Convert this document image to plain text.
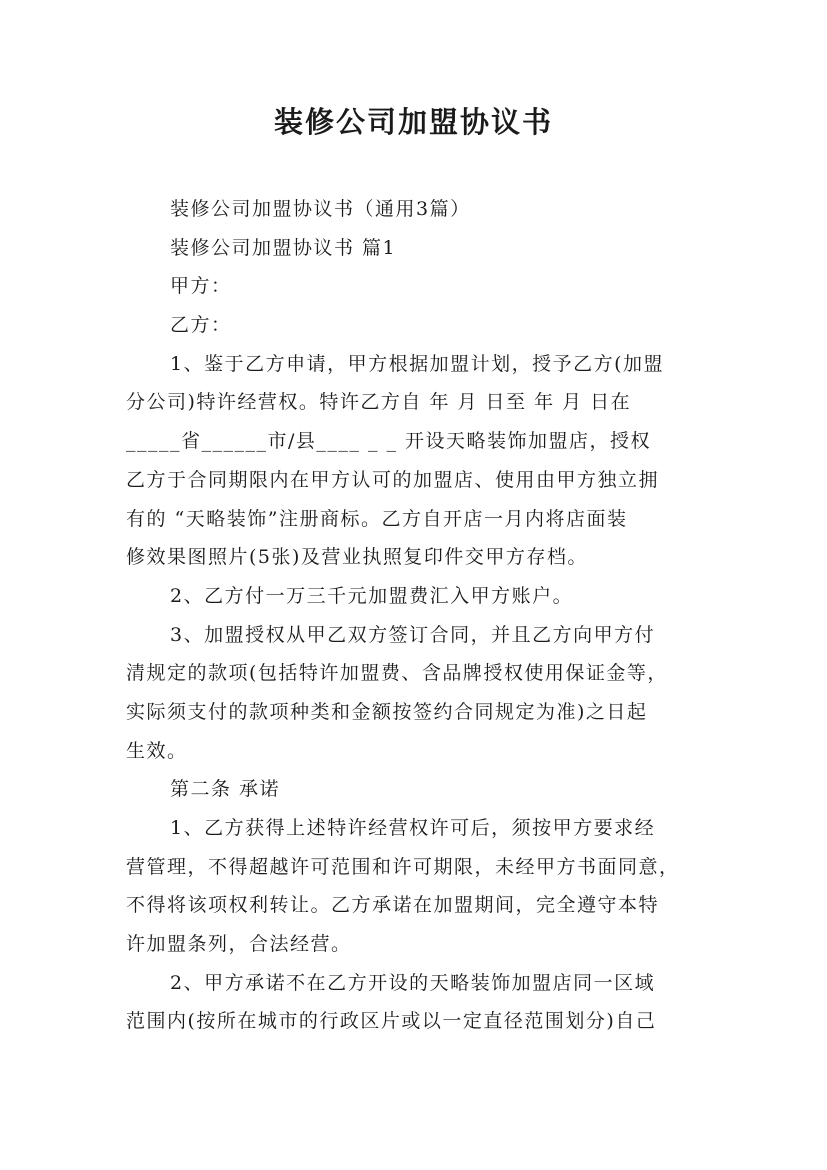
装修公司加盟协议书
装修公司加盟协议书（通用3篇）
装修公司加盟协议书 篇1
甲方：
乙方：
1、鉴于乙方申请，甲方根据加盟计划，授予乙方(加盟
分公司)特许经营权。特许乙方自 年 月 日至 年 月 日在
_____省______市/县____ _ _ 开设天略装饰加盟店，授权
乙方于合同期限内在甲方认可的加盟店、使用由甲方独立拥
有的 “天略装饰”注册商标。乙方自开店一月内将店面装
修效果图照片(5张)及营业执照复印件交甲方存档。
2、乙方付一万三千元加盟费汇入甲方账户。
3、加盟授权从甲乙双方签订合同，并且乙方向甲方付
清规定的款项(包括特许加盟费、含品牌授权使用保证金等，
实际须支付的款项种类和金额按签约合同规定为准)之日起
生效。
第二条 承诺
1、乙方获得上述特许经营权许可后，须按甲方要求经
营管理，不得超越许可范围和许可期限，未经甲方书面同意，
不得将该项权利转让。乙方承诺在加盟期间，完全遵守本特
许加盟条列，合法经营。
2、甲方承诺不在乙方开设的天略装饰加盟店同一区域
范围内(按所在城市的行政区片或以一定直径范围划分)自己
